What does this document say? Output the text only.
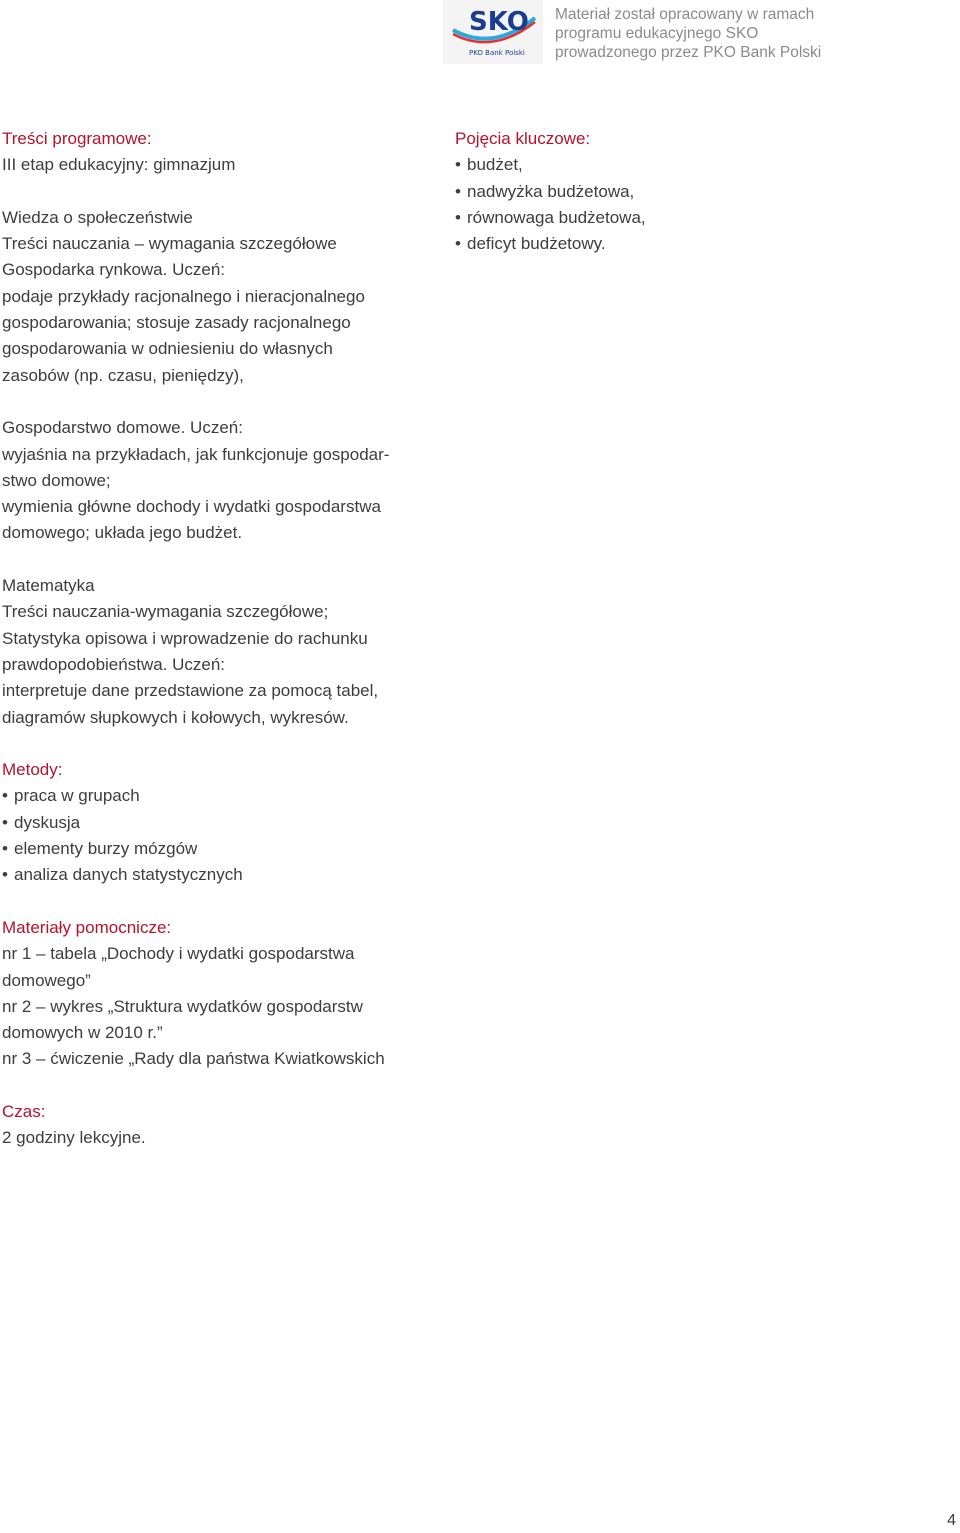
SKO
PKO Bank Polski
Materiał został opracowany w ramach
programu edukacyjnego SKO
prowadzonego przez PKO Bank Polski
Treści programowe:
III etap edukacyjny: gimnazjum
Wiedza o społeczeństwie
Treści nauczania – wymagania szczegółowe
Gospodarka rynkowa. Uczeń:
podaje przykłady racjonalnego i nieracjonalnego
gospodarowania; stosuje zasady racjonalnego
gospodarowania w odniesieniu do własnych
zasobów (np. czasu, pieniędzy),
Gospodarstwo domowe. Uczeń:
wyjaśnia na przykładach, jak funkcjonuje gospodar-
stwo domowe;
wymienia główne dochody i wydatki gospodarstwa
domowego; układa jego budżet.
Matematyka
Treści nauczania-wymagania szczegółowe;
Statystyka opisowa i wprowadzenie do rachunku
prawdopodobieństwa. Uczeń:
interpretuje dane przedstawione za pomocą tabel,
diagramów słupkowych i kołowych, wykresów.
Metody:
• praca w grupach
• dyskusja
• elementy burzy mózgów
• analiza danych statystycznych
Materiały pomocnicze:
nr 1 – tabela „Dochody i wydatki gospodarstwa
domowego”
nr 2 – wykres „Struktura wydatków gospodarstw
domowych w 2010 r.”
nr 3 – ćwiczenie „Rady dla państwa Kwiatkowskich
Czas:
2 godziny lekcyjne.
Pojęcia kluczowe:
• budżet,
• nadwyżka budżetowa,
• równowaga budżetowa,
• deficyt budżetowy.
4
